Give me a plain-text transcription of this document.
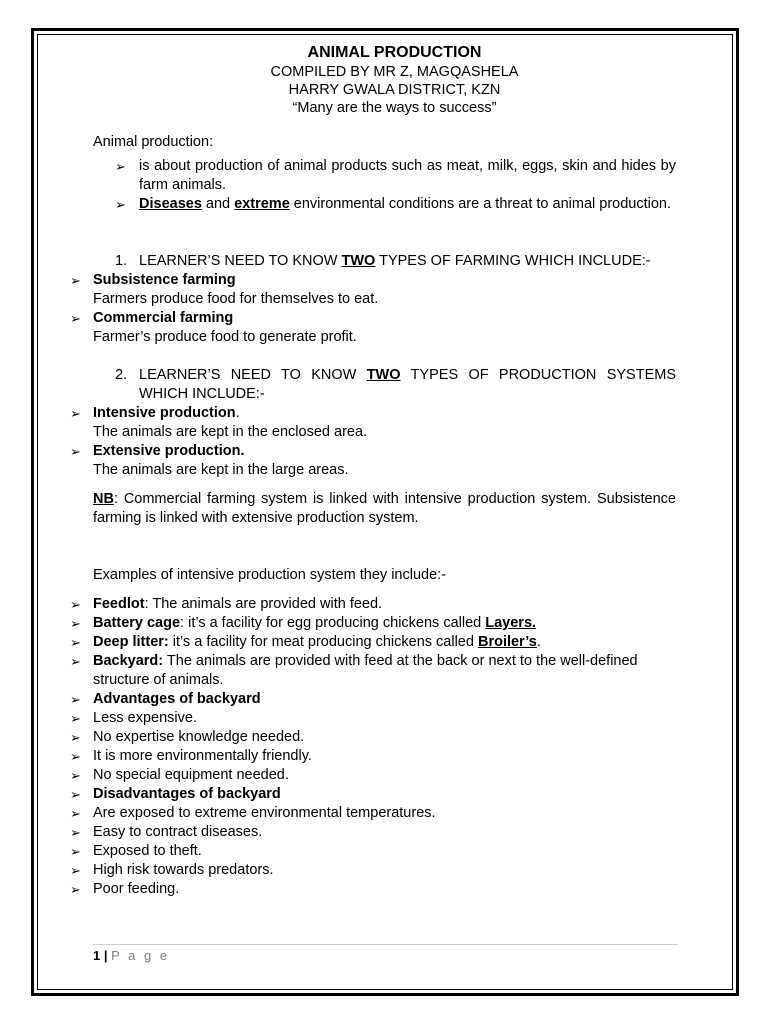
ANIMAL PRODUCTION
COMPILED BY MR Z, MAGQASHELA
HARRY GWALA DISTRICT, KZN
“Many are the ways to success”
Animal production:
➢ is about production of animal products such as meat, milk, eggs, skin and hides by farm animals.
➢ Diseases and extreme environmental conditions are a threat to animal production.
1. LEARNER’S NEED TO KNOW TWO TYPES OF FARMING WHICH INCLUDE:-
➢ Subsistence farming
Farmers produce food for themselves to eat.
➢ Commercial farming
Farmer’s produce food to generate profit.
2. LEARNER’S NEED TO KNOW TWO TYPES OF PRODUCTION SYSTEMS WHICH INCLUDE:-
➢ Intensive production.
The animals are kept in the enclosed area.
➢ Extensive production.
The animals are kept in the large areas.
NB: Commercial farming system is linked with intensive production system. Subsistence farming is linked with extensive production system.
Examples of intensive production system they include:-
➢ Feedlot: The animals are provided with feed.
➢ Battery cage: it’s a facility for egg producing chickens called Layers.
➢ Deep litter: it’s a facility for meat producing chickens called Broiler’s.
➢ Backyard: The animals are provided with feed at the back or next to the well-defined structure of animals.
➢ Advantages of backyard
➢ Less expensive.
➢ No expertise knowledge needed.
➢ It is more environmentally friendly.
➢ No special equipment needed.
➢ Disadvantages of backyard
➢ Are exposed to extreme environmental temperatures.
➢ Easy to contract diseases.
➢ Exposed to theft.
➢ High risk towards predators.
➢ Poor feeding.
1 | P a g e
